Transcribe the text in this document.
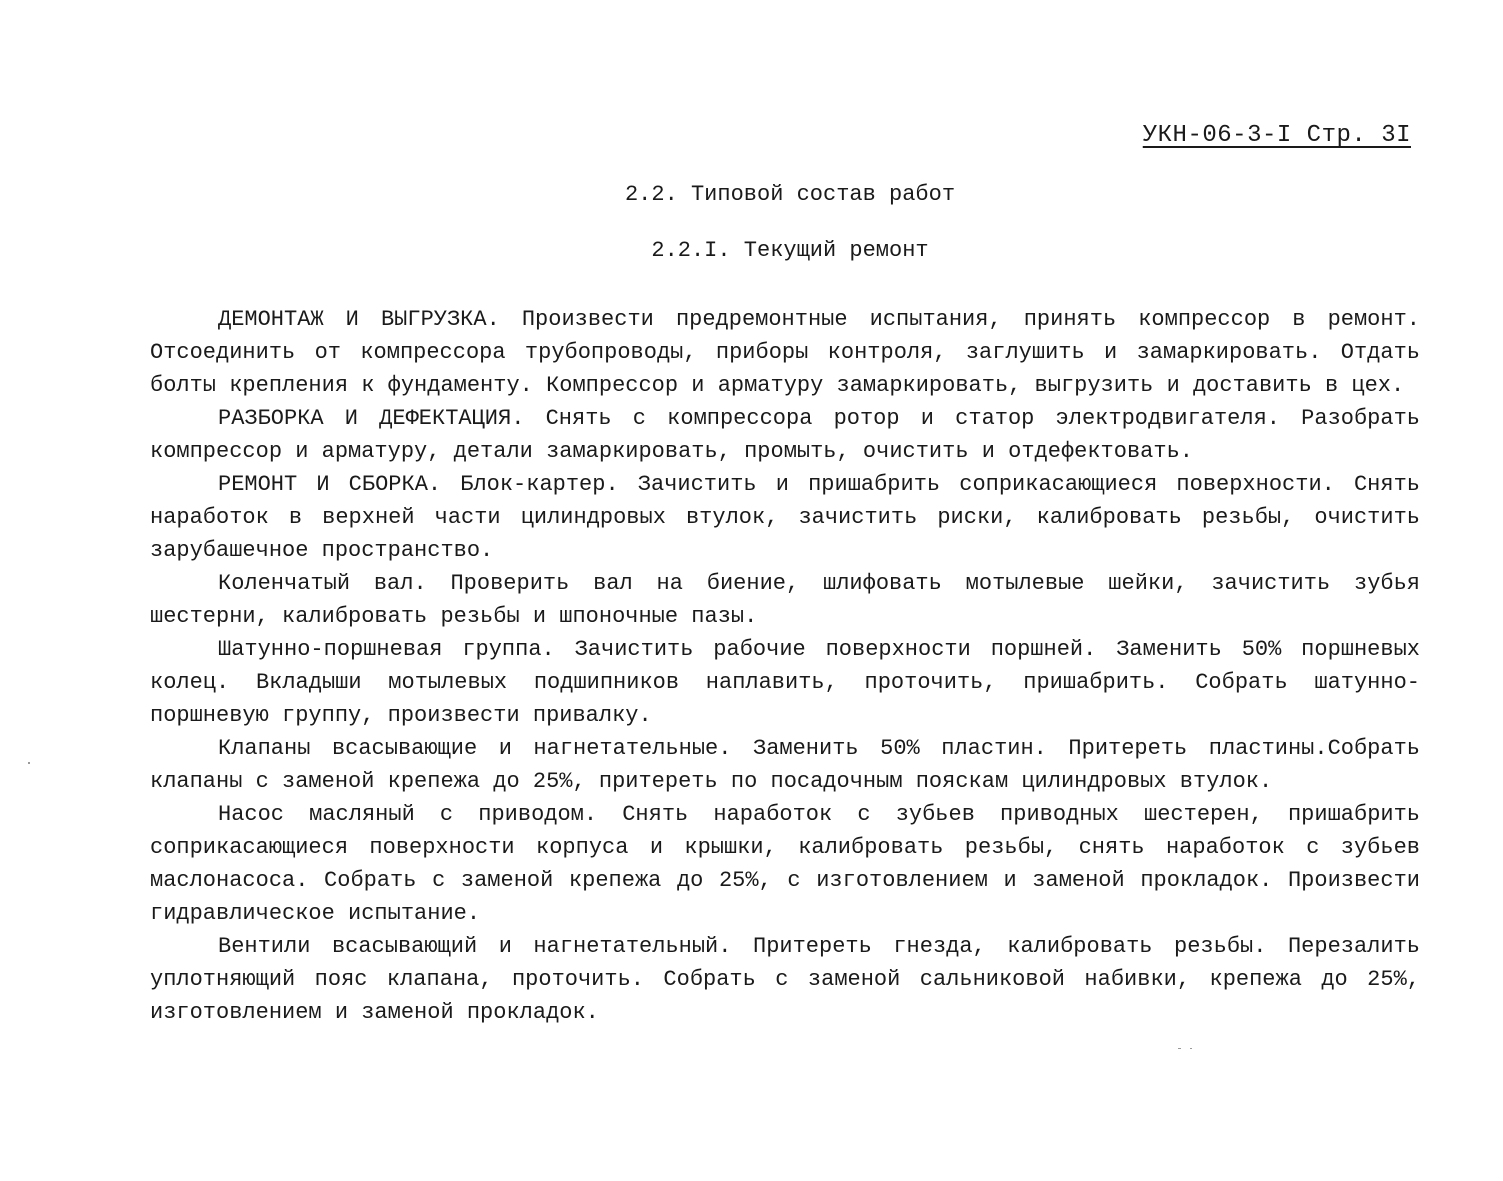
УКН-06-3-I Стр. 3I
2.2. Типовой состав работ
2.2.I. Текущий ремонт

ДЕМОНТАЖ И ВЫГРУЗКА. Произвести предремонтные испытания, принять компрессор в ремонт. Отсоединить от компрессора трубопроводы, приборы контроля, заглушить и замаркировать. Отдать болты крепления к фундаменту. Компрессор и арматуру замаркировать, выгрузить и доставить в цех.

РАЗБОРКА И ДЕФЕКТАЦИЯ. Снять с компрессора ротор и статор электродвигателя. Разобрать компрессор и арматуру, детали замаркировать, промыть, очистить и отдефектовать.

РЕМОНТ И СБОРКА. Блок-картер. Зачистить и пришабрить соприкасающиеся поверхности. Снять наработок в верхней части цилиндровых втулок, зачистить риски, калибровать резьбы, очистить зарубашечное пространство.

Коленчатый вал. Проверить вал на биение, шлифовать мотылевые шейки, зачистить зубья шестерни, калибровать резьбы и шпоночные пазы.

Шатунно-поршневая группа. Зачистить рабочие поверхности поршней. Заменить 50% поршневых колец. Вкладыши мотылевых подшипников наплавить, проточить, пришабрить. Собрать шатунно-поршневую группу, произвести привалку.

Клапаны всасывающие и нагнетательные. Заменить 50% пластин. Притереть пластины.Собрать клапаны с заменой крепежа до 25%, притереть по посадочным пояскам цилиндровых втулок.

Насос масляный с приводом. Снять наработок с зубьев приводных шестерен, пришабрить соприкасающиеся поверхности корпуса и крышки, калибровать резьбы, снять наработок с зубьев маслонасоса. Собрать с заменой крепежа до 25%, с изготовлением и заменой прокладок. Произвести гидравлическое испытание.

Вентили всасывающий и нагнетательный. Притереть гнезда, калибровать резьбы. Перезалить уплотняющий пояс клапана, проточить. Собрать с заменой сальниковой набивки, крепежа до 25%, изготовлением и заменой прокладок.
